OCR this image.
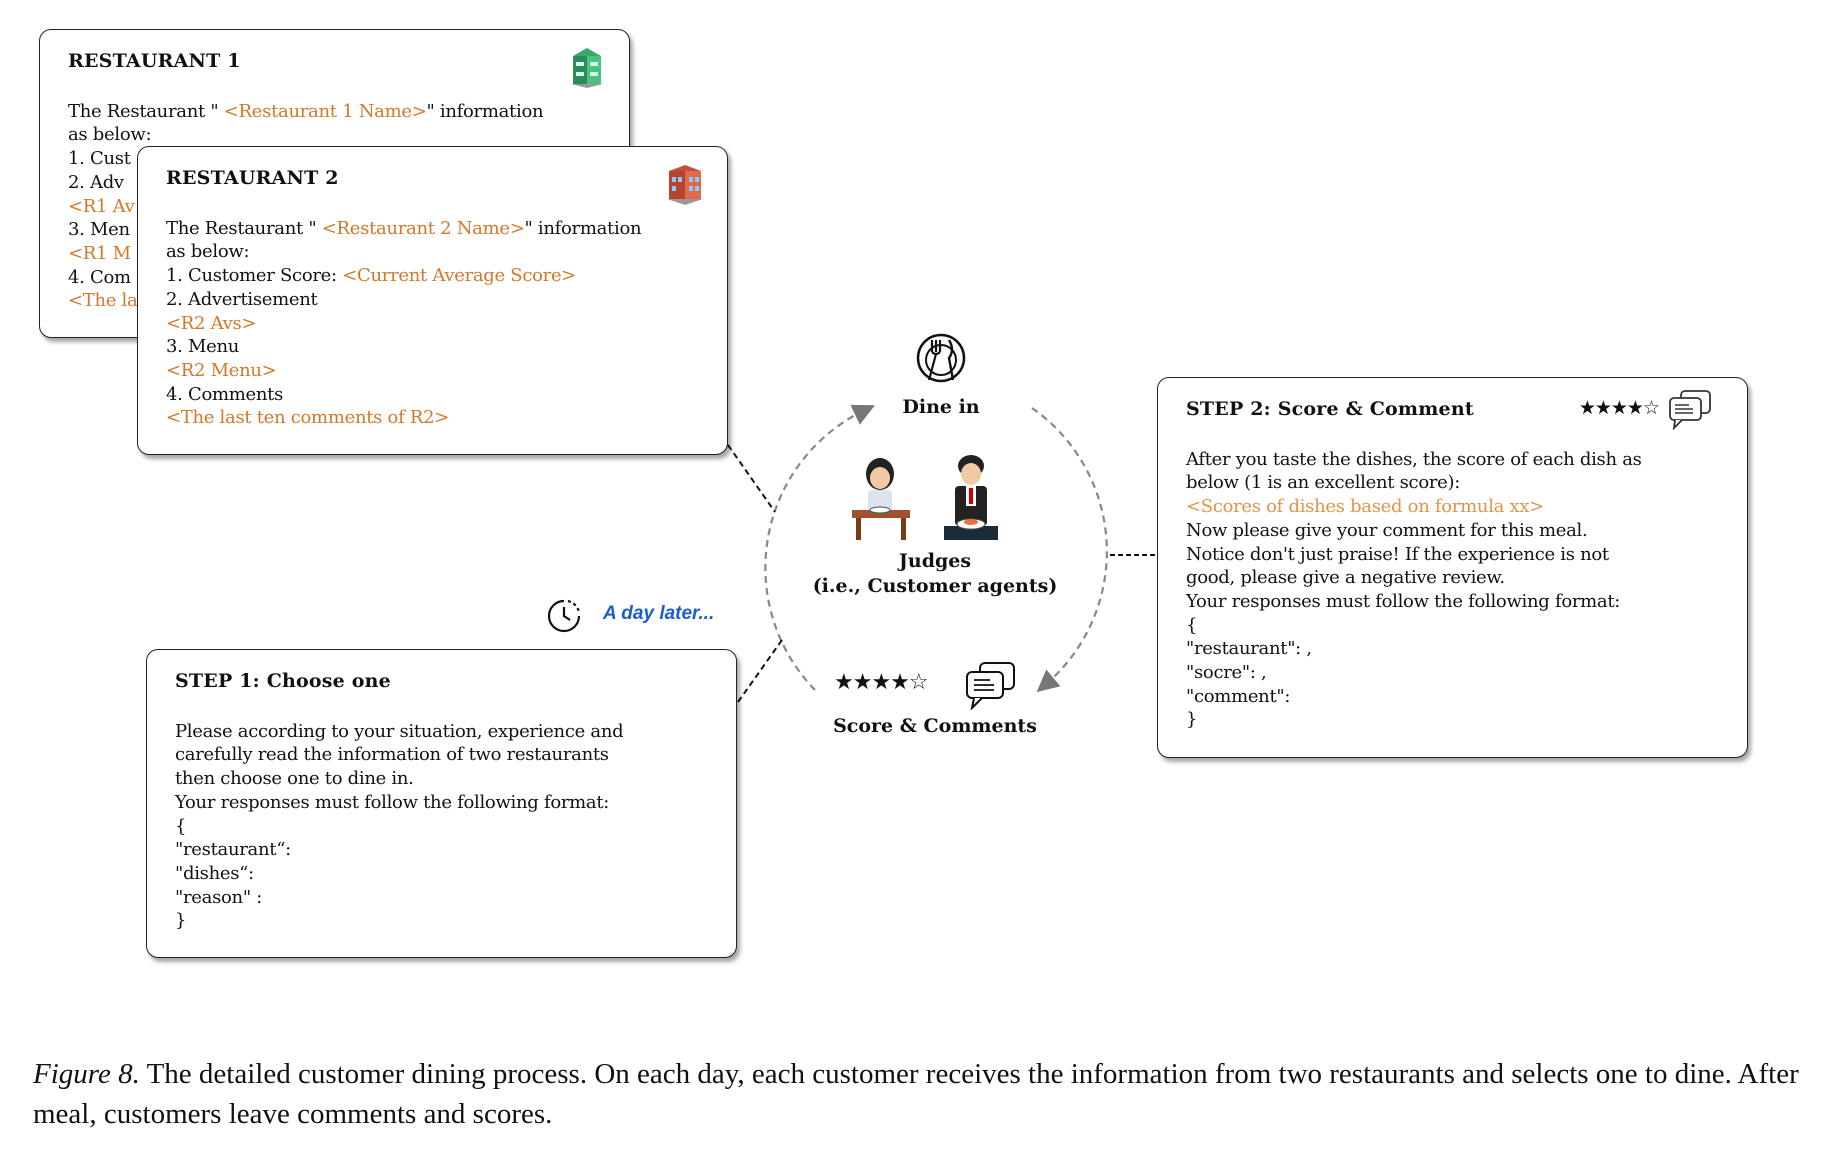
RESTAURANT 1
The Restaurant " <Restaurant 1 Name>" information
as below:
1. Cust
2. Adv
<R1 Av
3. Men
<R1 M
4. Com
<The la
RESTAURANT 2
The Restaurant " <Restaurant 2 Name>" information
as below:
1. Customer Score: <Current Average Score>
2. Advertisement
<R2 Avs>
3. Menu
<R2 Menu>
4. Comments
<The last ten comments of R2>	Dine in
Judges
(i.e., Customer agents)
★★★★☆
Score & Comments
A day later...
STEP 2: Score & Comment	★★★★☆
After you taste the dishes, the score of each dish as
below (1 is an excellent score):
<Scores of dishes based on formula xx>
Now please give your comment for this meal.
Notice don't just praise! If the experience is not
good, please give a negative review.
Your responses must follow the following format:
{
"restaurant": ,
"socre": ,
"comment":
}
STEP 1: Choose one
Please according to your situation, experience and
carefully read the information of two restaurants
then choose one to dine in.
Your responses must follow the following format:
{
"restaurant“:
"dishes“:
"reason" :
}
Figure 8. The detailed customer dining process. On each day, each customer receives the information from two restaurants and selects one to dine. After meal, customers leave comments and scores.
